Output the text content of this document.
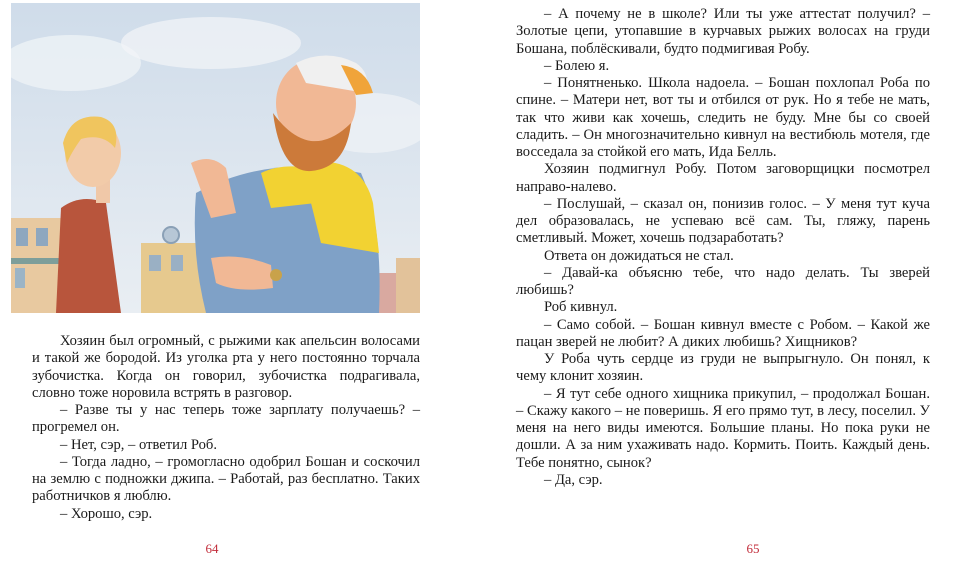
Хозяин был огромный, с рыжими как апельсин волосами и такой же бородой. Из уголка рта у него постоянно торчала зубочистка. Когда он говорил, зубочистка подрагивала, словно тоже норовила встрять в разговор.

– Разве ты у нас теперь тоже зарплату получаешь? – прогремел он.

– Нет, сэр, – ответил Роб.

– Тогда ладно, – громогласно одобрил Бошан и соскочил на землю с подножки джипа. – Работай, раз бесплатно. Таких работничков я люблю.

– Хорошо, сэр.

64

– А почему не в школе? Или ты уже аттестат получил? – Золотые цепи, утопавшие в курчавых рыжих волосах на груди Бошана, поблёскивали, будто подмигивая Робу.

– Болею я.

– Понятненько. Школа надоела. – Бошан похлопал Роба по спине. – Матери нет, вот ты и отбился от рук. Но я тебе не мать, так что живи как хочешь, следить не буду. Мне бы со своей сладить. – Он многозначительно кивнул на вестибюль мотеля, где восседала за стойкой его мать, Ида Белль.

Хозяин подмигнул Робу. Потом заговорщицки посмотрел направо-налево.

– Послушай, – сказал он, понизив голос. – У меня тут куча дел образовалась, не успеваю всё сам. Ты, гляжу, парень сметливый. Может, хочешь подзаработать?

Ответа он дожидаться не стал.

– Давай-ка объясню тебе, что надо делать. Ты зверей любишь?

Роб кивнул.

– Само собой. – Бошан кивнул вместе с Робом. – Какой же пацан зверей не любит? А диких любишь? Хищников?

У Роба чуть сердце из груди не выпрыгнуло. Он понял, к чему клонит хозяин.

– Я тут себе одного хищника прикупил, – продолжал Бошан. – Скажу какого – не поверишь. Я его прямо тут, в лесу, поселил. У меня на него виды имеются. Большие планы. Но пока руки не дошли. А за ним ухаживать надо. Кормить. Поить. Каждый день. Тебе понятно, сынок?

– Да, сэр.

65
